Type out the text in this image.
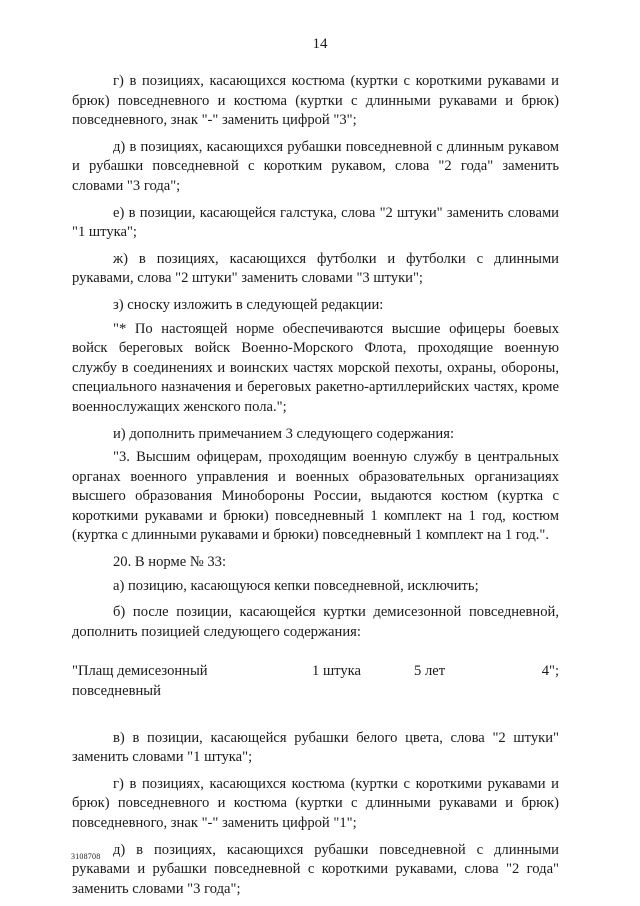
14

г) в позициях, касающихся костюма (куртки с короткими рукавами и брюк) повседневного и костюма (куртки с длинными рукавами и брюк) повседневного, знак "-" заменить цифрой "3";

д) в позициях, касающихся рубашки повседневной с длинным рукавом и рубашки повседневной с коротким рукавом, слова "2 года" заменить словами "3 года";

е) в позиции, касающейся галстука, слова "2 штуки" заменить словами "1 штука";

ж) в позициях, касающихся футболки и футболки с длинными рукавами, слова "2 штуки" заменить словами "3 штуки";

з) сноску изложить в следующей редакции:

"* По настоящей норме обеспечиваются высшие офицеры боевых войск береговых войск Военно-Морского Флота, проходящие военную службу в соединениях и воинских частях морской пехоты, охраны, обороны, специального назначения и береговых ракетно-артиллерийских частях, кроме военнослужащих женского пола.";

и) дополнить примечанием 3 следующего содержания:

"3. Высшим офицерам, проходящим военную службу в центральных органах военного управления и военных образовательных организациях высшего образования Минобороны России, выдаются костюм (куртка с короткими рукавами и брюки) повседневный 1 комплект на 1 год, костюм (куртка с длинными рукавами и брюки) повседневный 1 комплект на 1 год.".

20. В норме № 33:

а) позицию, касающуюся кепки повседневной, исключить;

б) после позиции, касающейся куртки демисезонной повседневной, дополнить позицией следующего содержания:

"Плащ демисезонный
повседневный
1 штука	5 лет	4";

в) в позиции, касающейся рубашки белого цвета, слова "2 штуки" заменить словами "1 штука";

г) в позициях, касающихся костюма (куртки с короткими рукавами и брюк) повседневного и костюма (куртки с длинными рукавами и брюк) повседневного, знак "-" заменить цифрой "1";

д) в позициях, касающихся рубашки повседневной с длинными рукавами и рубашки повседневной с короткими рукавами, слова "2 года" заменить словами "3 года";

3108708
